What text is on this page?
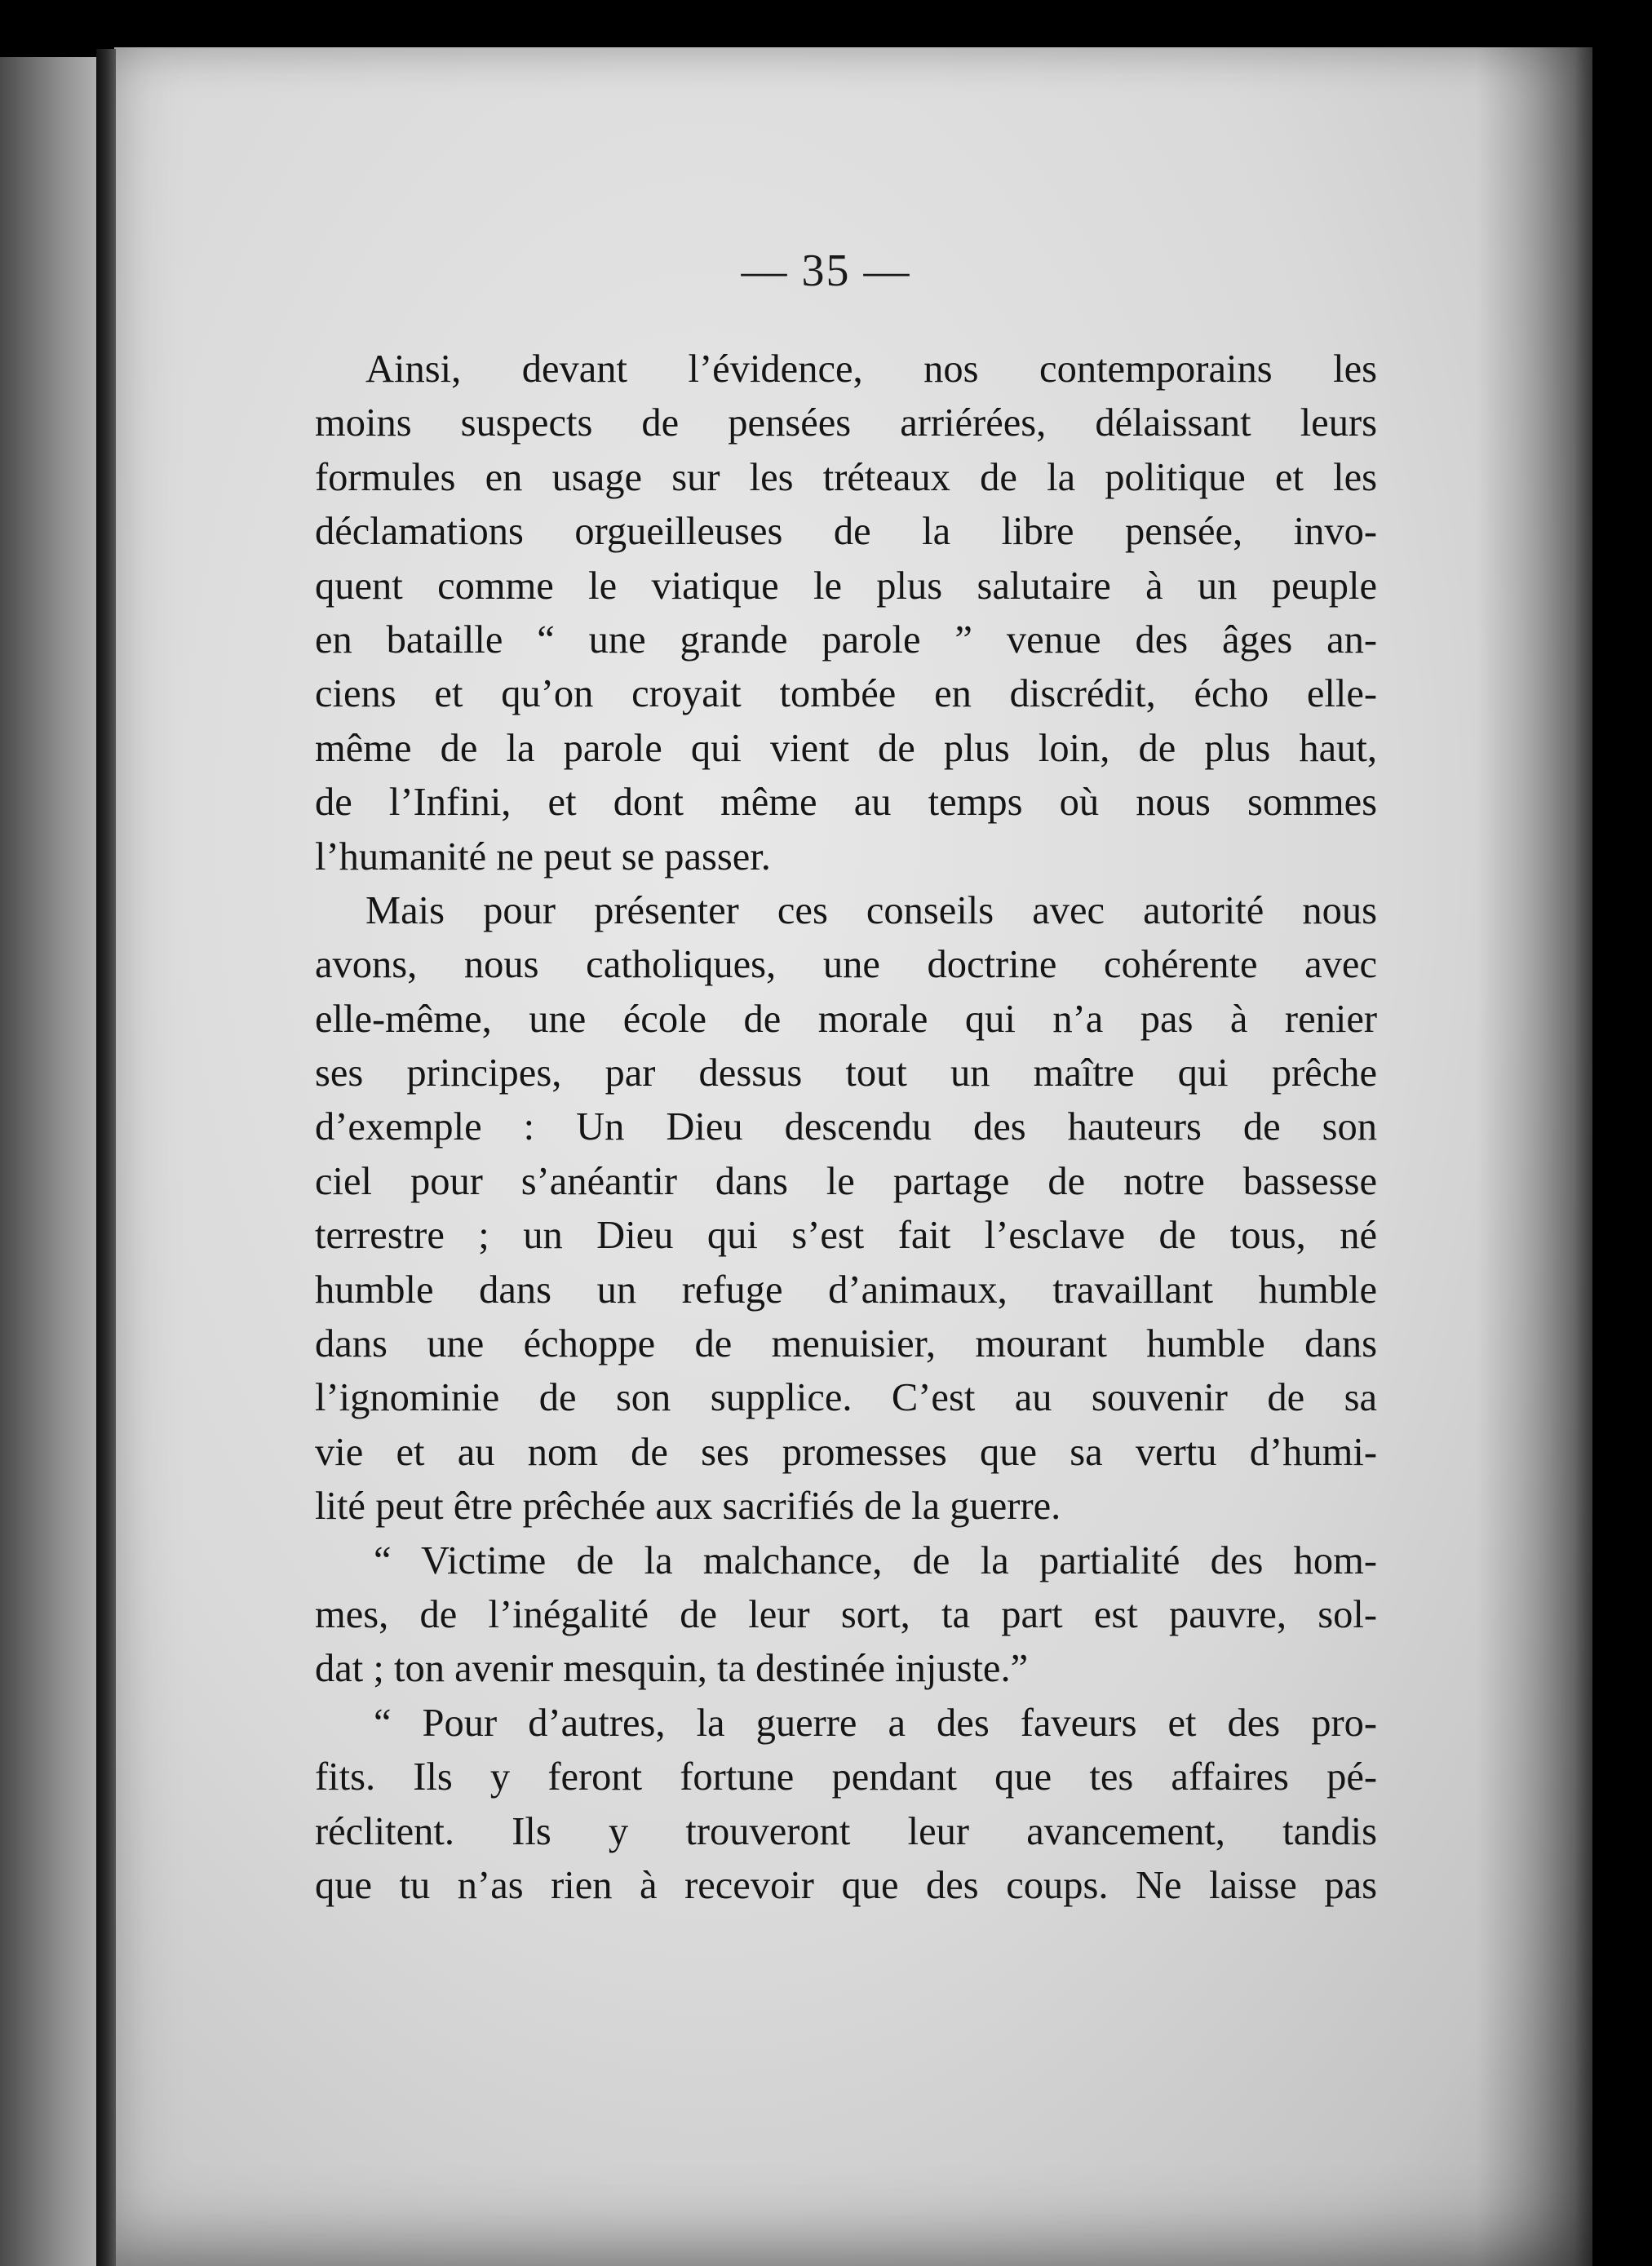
— 35 —
Ainsi, devant l’évidence, nos contemporains les
moins suspects de pensées arriérées, délaissant leurs
formules en usage sur les tréteaux de la politique et les
déclamations orgueilleuses de la libre pensée, invo-
quent comme le viatique le plus salutaire à un peuple
en bataille “ une grande parole ” venue des âges an-
ciens et qu’on croyait tombée en discrédit, écho elle-
même de la parole qui vient de plus loin, de plus haut,
de l’Infini, et dont même au temps où nous sommes
l’humanité ne peut se passer.
Mais pour présenter ces conseils avec autorité nous
avons, nous catholiques, une doctrine cohérente avec
elle-même, une école de morale qui n’a pas à renier
ses principes, par dessus tout un maître qui prêche
d’exemple : Un Dieu descendu des hauteurs de son
ciel pour s’anéantir dans le partage de notre bassesse
terrestre ; un Dieu qui s’est fait l’esclave de tous, né
humble dans un refuge d’animaux, travaillant humble
dans une échoppe de menuisier, mourant humble dans
l’ignominie de son supplice. C’est au souvenir de sa
vie et au nom de ses promesses que sa vertu d’humi-
lité peut être prêchée aux sacrifiés de la guerre.
“ Victime de la malchance, de la partialité des hom-
mes, de l’inégalité de leur sort, ta part est pauvre, sol-
dat ; ton avenir mesquin, ta destinée injuste.”
“ Pour d’autres, la guerre a des faveurs et des pro-
fits. Ils y feront fortune pendant que tes affaires pé-
réclitent. Ils y trouveront leur avancement, tandis
que tu n’as rien à recevoir que des coups. Ne laisse pas
